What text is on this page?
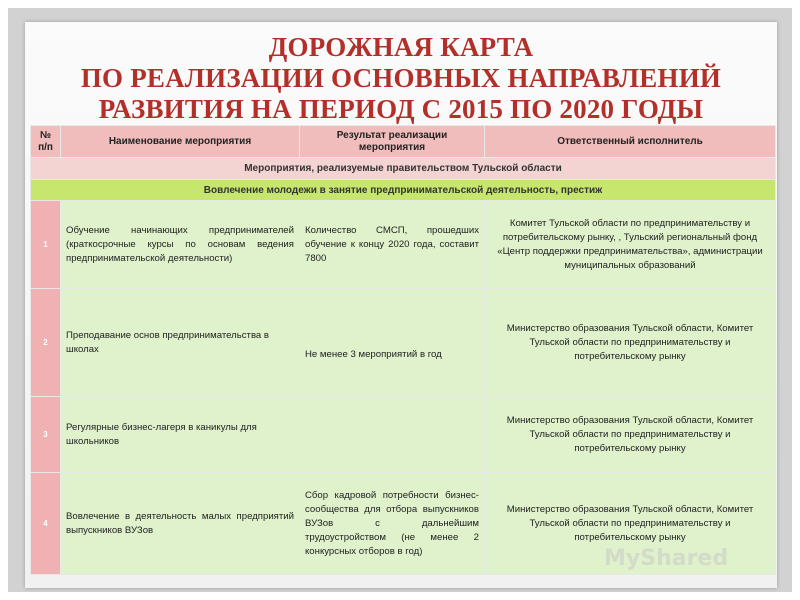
ДОРОЖНАЯ КАРТА
ПО РЕАЛИЗАЦИИ ОСНОВНЫХ НАПРАВЛЕНИЙ
РАЗВИТИЯ НА ПЕРИОД С 2015 ПО 2020 ГОДЫ
№ п/п	Наименование мероприятия	Результат реализации мероприятия	Ответственный исполнитель
Мероприятия, реализуемые правительством Тульской области			
Вовлечение молодежи в занятие предпринимательской деятельность, престиж			
1	Обучение начинающих предпринимателей (краткосрочные курсы по основам ведения предпринимательской деятельности)	Количество СМСП, прошедших обучение к концу 2020 года, составит 7800	Комитет Тульской области по предпринимательству и потребительскому рынку, , Тульский региональный фонд «Центр поддержки предпринимательства», администрации муниципальных образований
2	Преподавание основ предпринимательства в школах	Не менее 3 мероприятий в год	Министерство образования Тульской области, Комитет Тульской области по предпринимательству и потребительскому рынку
3	Регулярные бизнес-лагеря в каникулы для школьников		Министерство образования Тульской области, Комитет Тульской области по предпринимательству и потребительскому рынку
4	Вовлечение в деятельность малых предприятий выпускников ВУЗов	Сбор кадровой потребности бизнес- сообщества для отбора выпускников ВУЗов с дальнейшим трудоустройством (не менее 2 конкурсных отборов в год)	Министерство образования Тульской области, Комитет Тульской области по предпринимательству и потребительскому рынку
MyShared
